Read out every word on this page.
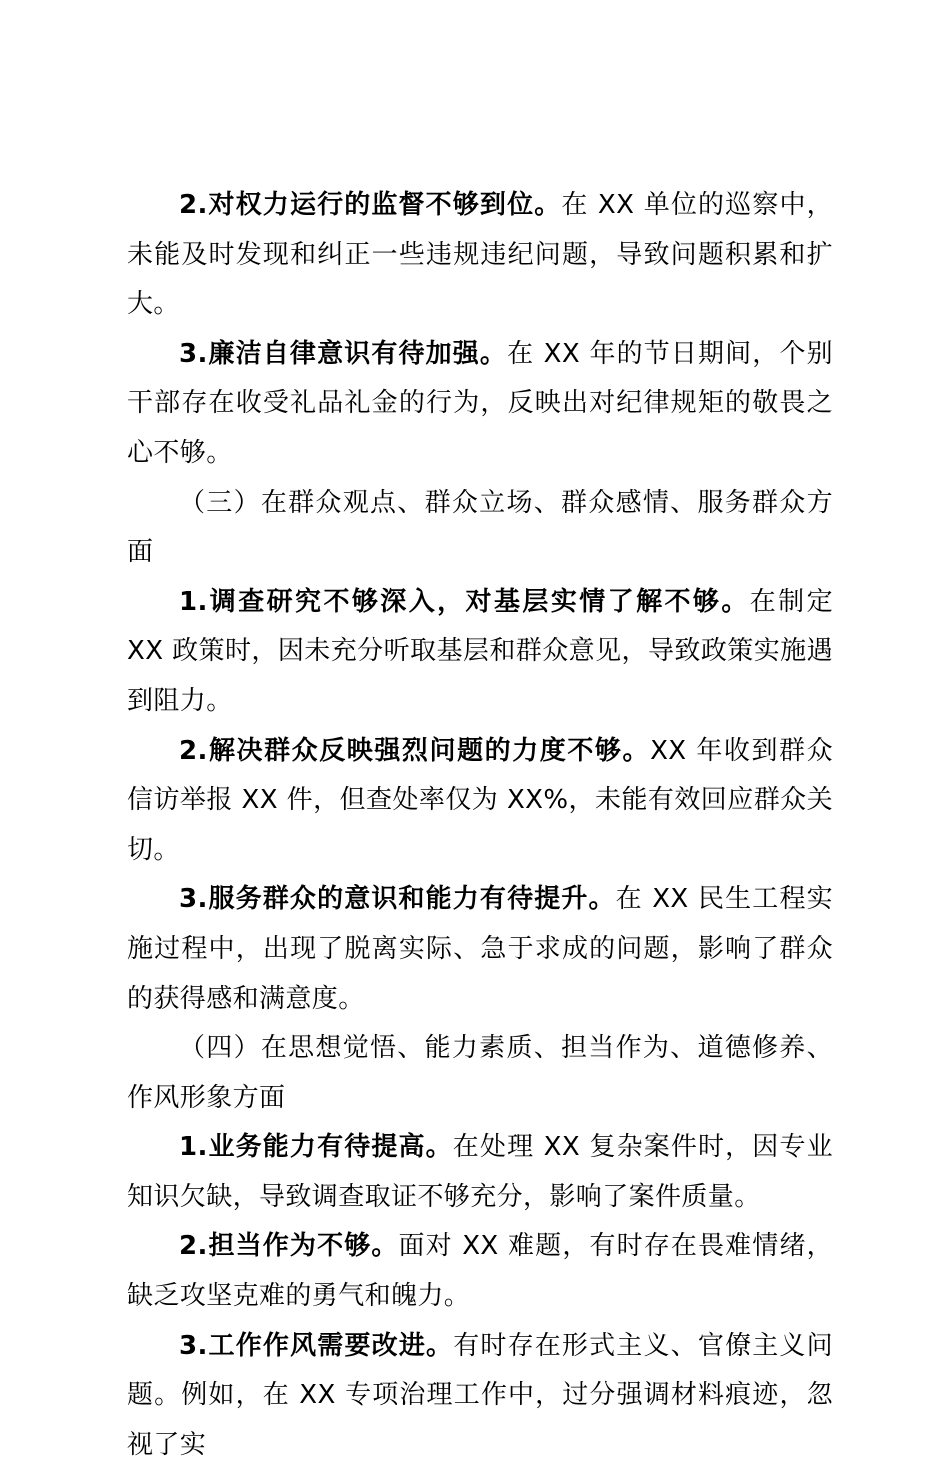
2.对权力运行的监督不够到位。在 XX 单位的巡察中，未能及时发现和纠正一些违规违纪问题，导致问题积累和扩大。

3.廉洁自律意识有待加强。在 XX 年的节日期间，个别干部存在收受礼品礼金的行为，反映出对纪律规矩的敬畏之心不够。

（三）在群众观点、群众立场、群众感情、服务群众方面

1.调查研究不够深入，对基层实情了解不够。在制定 XX 政策时，因未充分听取基层和群众意见，导致政策实施遇到阻力。

2.解决群众反映强烈问题的力度不够。XX 年收到群众信访举报 XX 件，但查处率仅为 XX%，未能有效回应群众关切。

3.服务群众的意识和能力有待提升。在 XX 民生工程实施过程中，出现了脱离实际、急于求成的问题，影响了群众的获得感和满意度。

（四）在思想觉悟、能力素质、担当作为、道德修养、作风形象方面

1.业务能力有待提高。在处理 XX 复杂案件时，因专业知识欠缺，导致调查取证不够充分，影响了案件质量。

2.担当作为不够。面对 XX 难题，有时存在畏难情绪，缺乏攻坚克难的勇气和魄力。

3.工作作风需要改进。有时存在形式主义、官僚主义问题。例如，在 XX 专项治理工作中，过分强调材料痕迹，忽视了实
